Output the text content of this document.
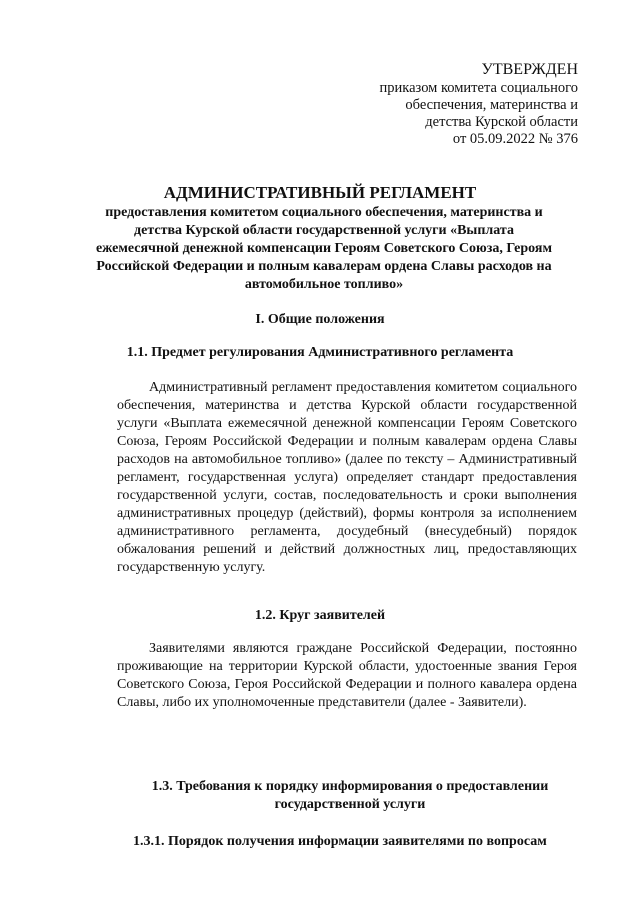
УТВЕРЖДЕН
приказом комитета социального
обеспечения, материнства и
детства Курской области
от 05.09.2022 № 376
АДМИНИСТРАТИВНЫЙ РЕГЛАМЕНТ
предоставления комитетом социального обеспечения, материнства и детства Курской области государственной услуги «Выплата ежемесячной денежной компенсации Героям Советского Союза, Героям Российской Федерации и полным кавалерам ордена Славы расходов на автомобильное топливо»
I. Общие положения
1.1. Предмет регулирования Административного регламента

Административный регламент предоставления комитетом социального обеспечения, материнства и детства Курской области государственной услуги «Выплата ежемесячной денежной компенсации Героям Советского Союза, Героям Российской Федерации и полным кавалерам ордена Славы расходов на автомобильное топливо» (далее по тексту – Административный регламент, государственная услуга) определяет стандарт предоставления государственной услуги, состав, последовательность и сроки выполнения административных процедур (действий), формы контроля за исполнением административного регламента, досудебный (внесудебный) порядок обжалования решений и действий должностных лиц, предоставляющих государственную услугу.

1.2. Круг заявителей

Заявителями являются граждане Российской Федерации, постоянно проживающие на территории Курской области, удостоенные звания Героя Советского Союза, Героя Российской Федерации и полного кавалера ордена Славы, либо их уполномоченные представители (далее - Заявители).

1.3. Требования к порядку информирования о предоставлении государственной услуги
1.3.1. Порядок получения информации заявителями по вопросам
